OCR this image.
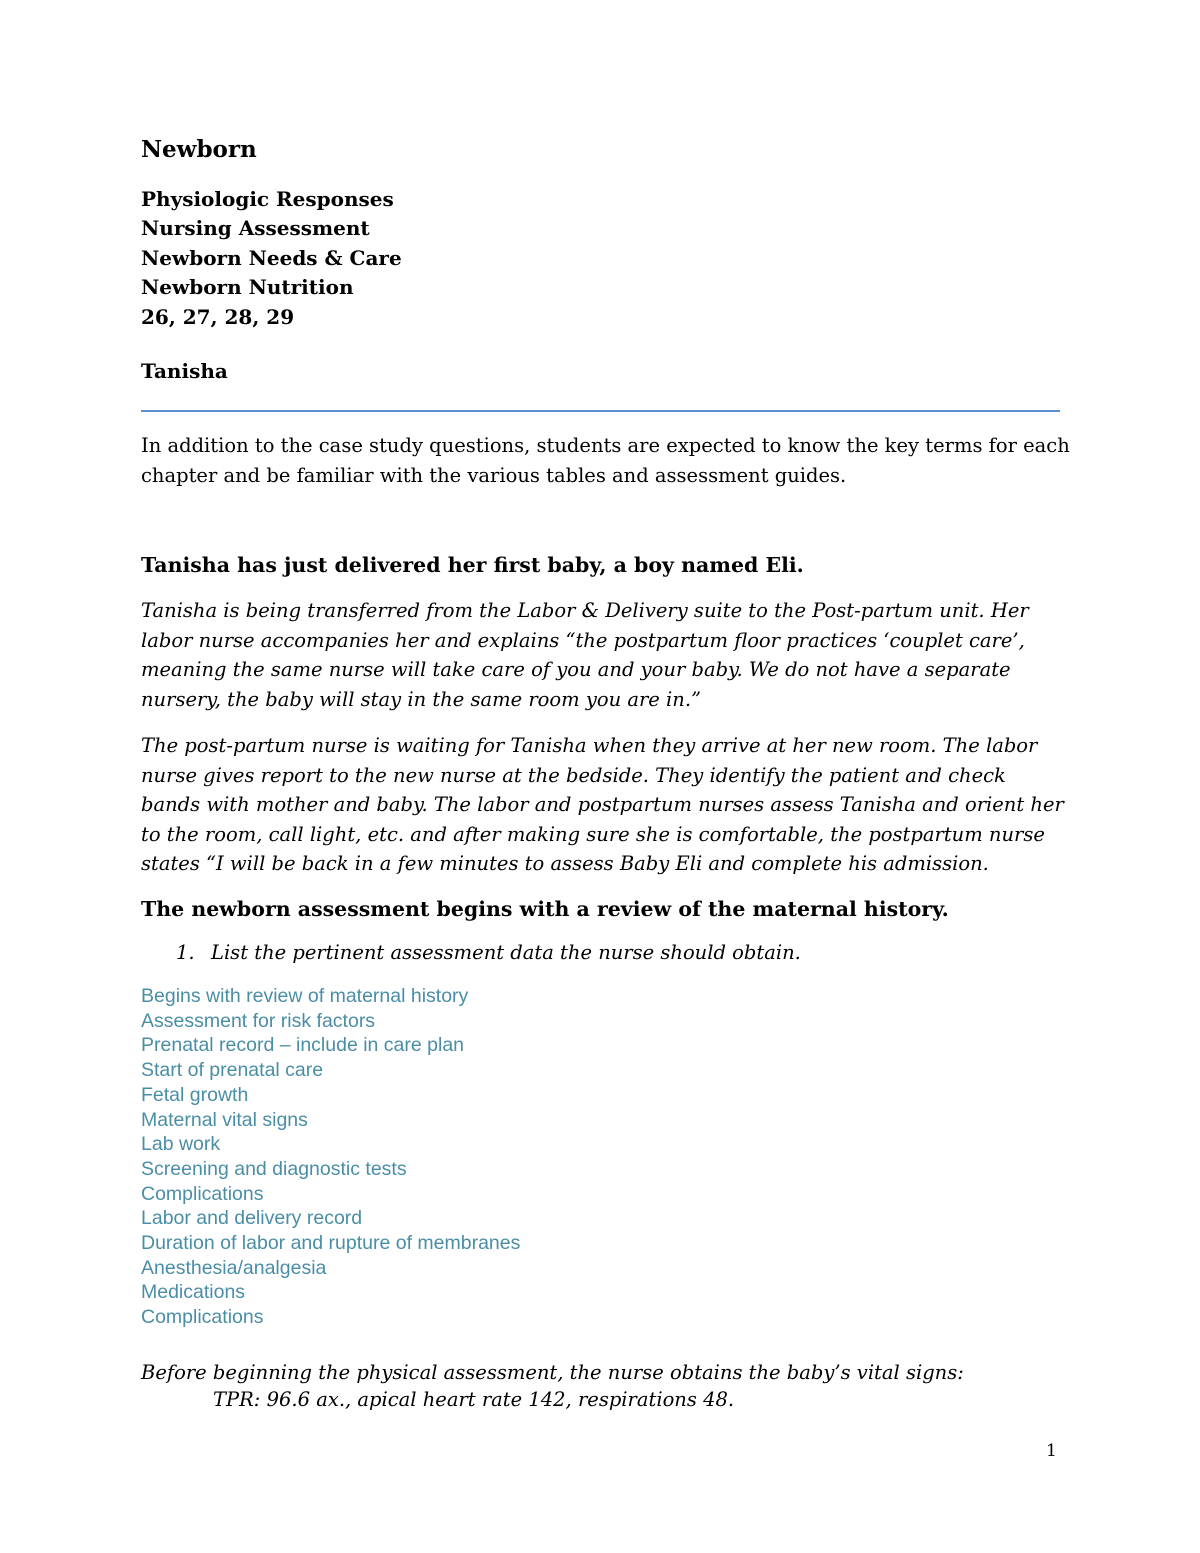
Newborn
Physiologic Responses
Nursing Assessment
Newborn Needs & Care
Newborn Nutrition
26, 27, 28, 29
Tanisha
In addition to the case study questions, students are expected to know the key terms for each chapter and be familiar with the various tables and assessment guides.
Tanisha has just delivered her first baby, a boy named Eli.
Tanisha is being transferred from the Labor & Delivery suite to the Post-partum unit. Her labor nurse accompanies her and explains “the postpartum floor practices ‘couplet care’, meaning the same nurse will take care of you and your baby. We do not have a separate nursery, the baby will stay in the same room you are in.”
The post-partum nurse is waiting for Tanisha when they arrive at her new room. The labor nurse gives report to the new nurse at the bedside. They identify the patient and check bands with mother and baby. The labor and postpartum nurses assess Tanisha and orient her to the room, call light, etc. and after making sure she is comfortable, the postpartum nurse states “I will be back in a few minutes to assess Baby Eli and complete his admission.
The newborn assessment begins with a review of the maternal history.
1. List the pertinent assessment data the nurse should obtain.
Begins with review of maternal history
Assessment for risk factors
Prenatal record – include in care plan
Start of prenatal care
Fetal growth
Maternal vital signs
Lab work
Screening and diagnostic tests
Complications
Labor and delivery record
Duration of labor and rupture of membranes
Anesthesia/analgesia
Medications
Complications
Before beginning the physical assessment, the nurse obtains the baby’s vital signs:
TPR: 96.6 ax., apical heart rate 142, respirations 48.
1
